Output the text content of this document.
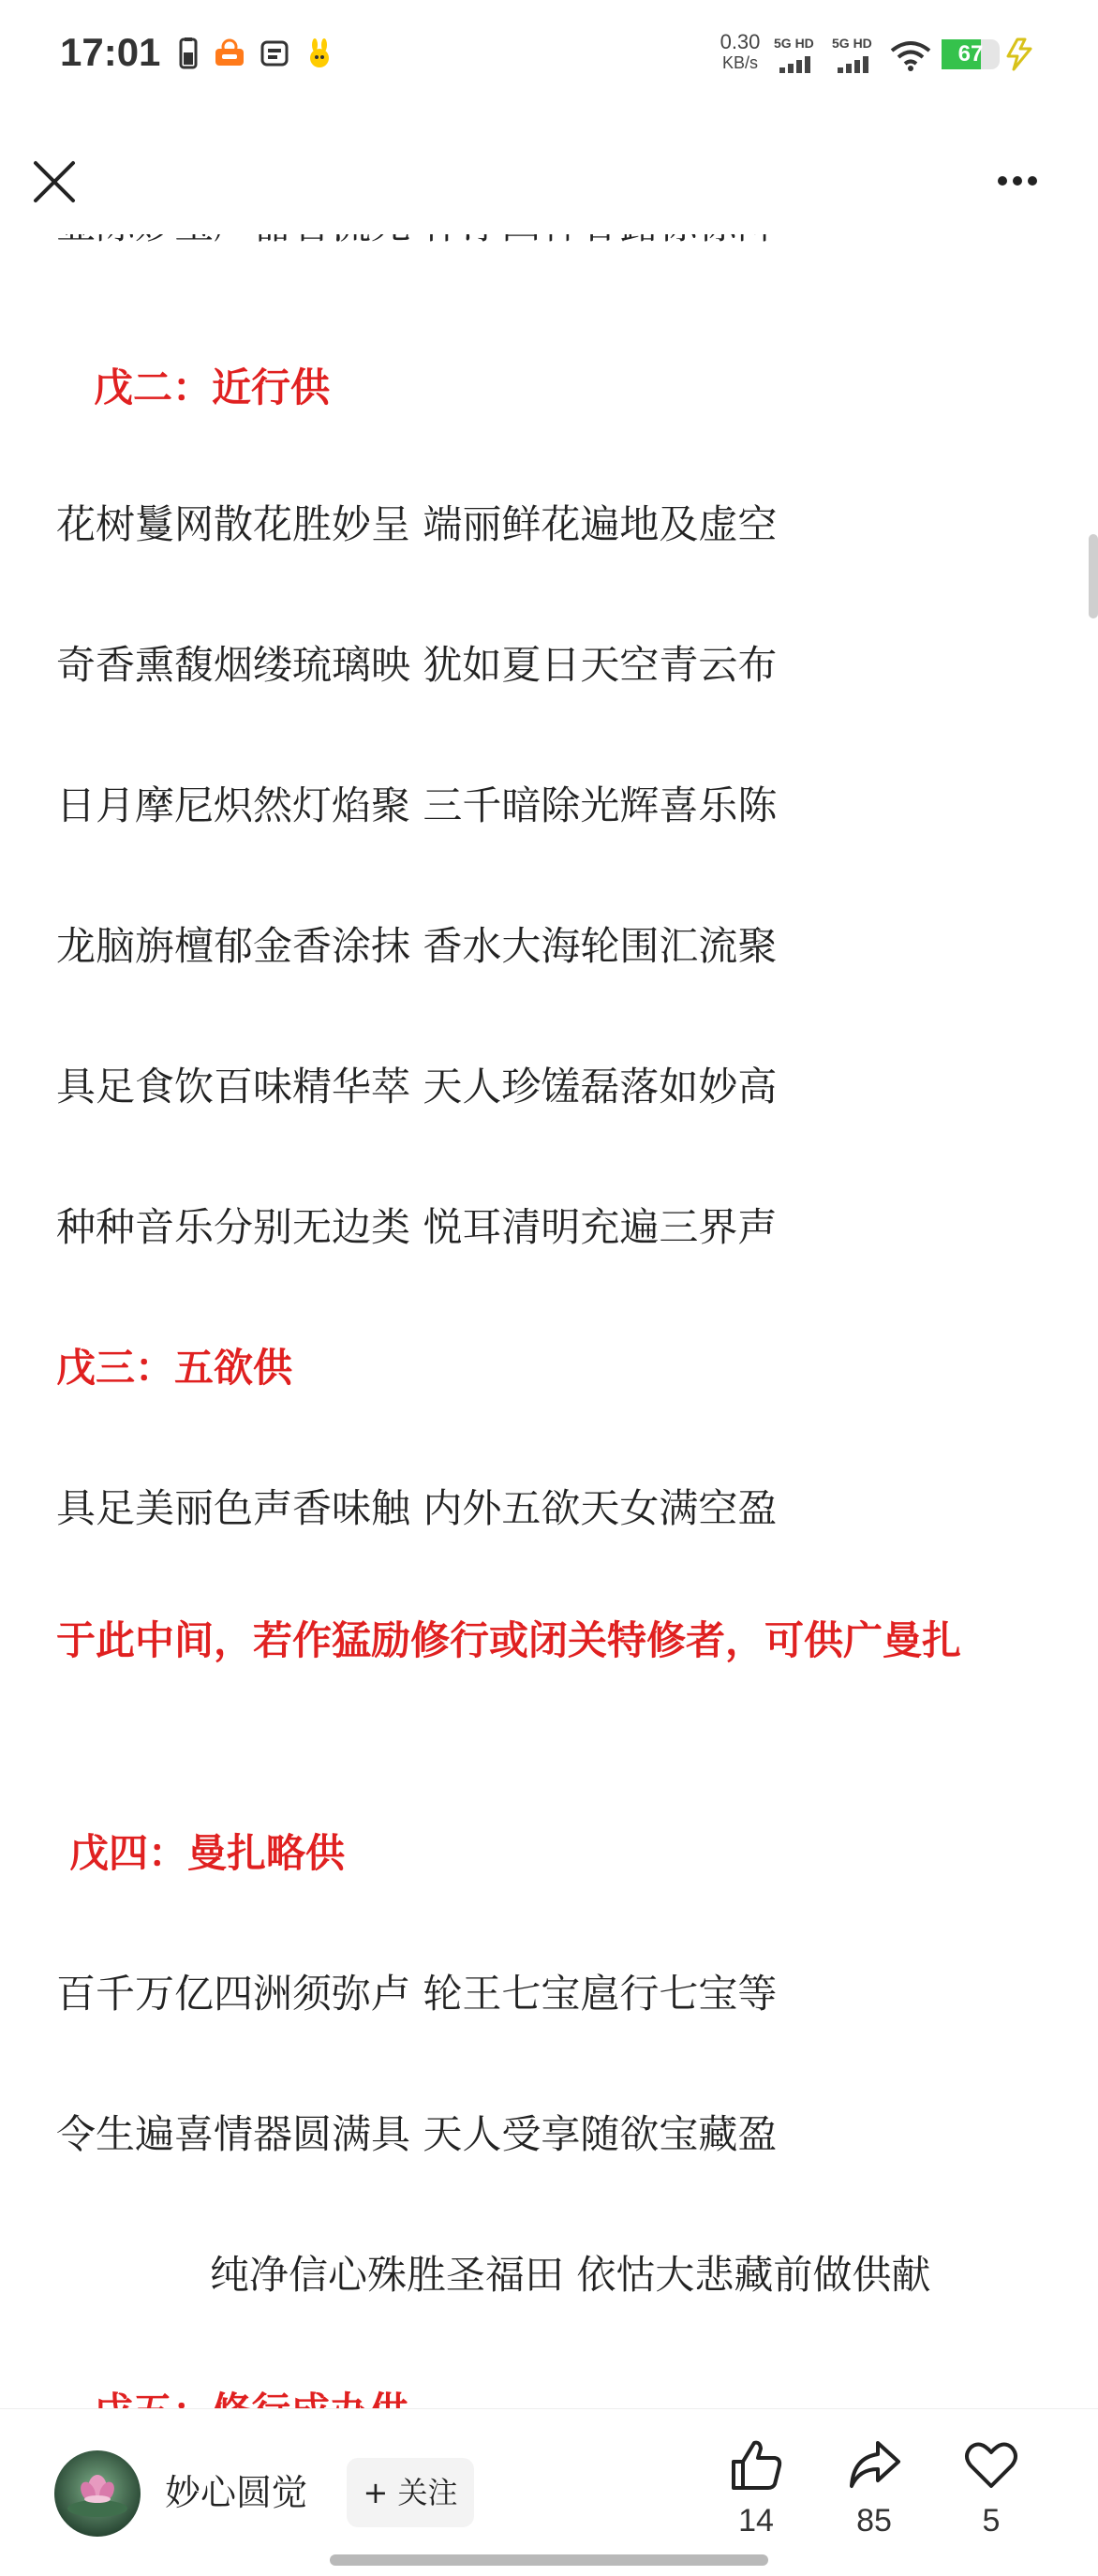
17:01	0.30
KB/s
5G HD 5G HD	67
戊二：近行供
花树鬘网散花胜妙呈 端丽鲜花遍地及虚空
奇香熏馥烟缕琉璃映 犹如夏日天空青云布
日月摩尼炽然灯焰聚 三千暗除光辉喜乐陈
龙脑旃檀郁金香涂抹 香水大海轮围汇流聚
具足食饮百味精华萃 天人珍馐磊落如妙高
种种音乐分别无边类 悦耳清明充遍三界声
戊三：五欲供
具足美丽色声香味触 内外五欲天女满空盈
于此中间，若作猛励修行或闭关特修者，可供广曼扎
戊四：曼扎略供
百千万亿四洲须弥卢 轮王七宝扈行七宝等
令生遍喜情器圆满具 天人受享随欲宝藏盈
纯净信心殊胜圣福田 依怙大悲藏前做供献
妙心圆觉	+ 关注
14	85	5
